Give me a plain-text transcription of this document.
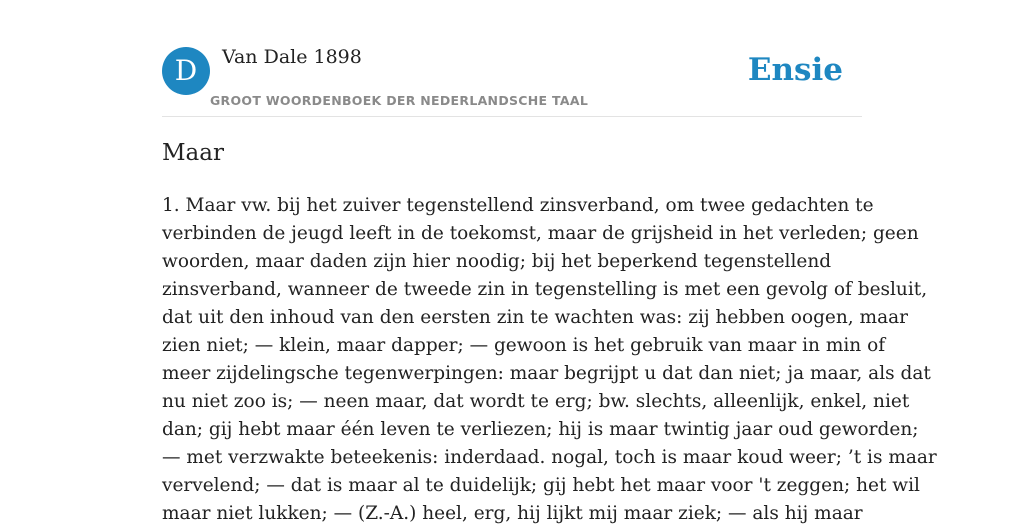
D	Van Dale 1898
GROOT WOORDENBOEK DER NEDERLANDSCHE TAAL
Ensie
Maar
1. Maar vw. bij het zuiver tegenstellend zinsverband, om twee gedachten te
verbinden de jeugd leeft in de toekomst, maar de grijsheid in het verleden; geen
woorden, maar daden zijn hier noodig; bij het beperkend tegenstellend
zinsverband, wanneer de tweede zin in tegenstelling is met een gevolg of besluit,
dat uit den inhoud van den eersten zin te wachten was: zij hebben oogen, maar
zien niet; — klein, maar dapper; — gewoon is het gebruik van maar in min of
meer zijdelingsche tegenwerpingen: maar begrijpt u dat dan niet; ja maar, als dat
nu niet zoo is; — neen maar, dat wordt te erg; bw. slechts, alleenlijk, enkel, niet
dan; gij hebt maar één leven te verliezen; hij is maar twintig jaar oud geworden;
— met verzwakte beteekenis: inderdaad. nogal, toch is maar koud weer; ’t is maar
vervelend; — dat is maar al te duidelijk; gij hebt het maar voor 't zeggen; het wil
maar niet lukken; — (Z.-A.) heel, erg, hij lijkt mij maar ziek; — als hij maar
